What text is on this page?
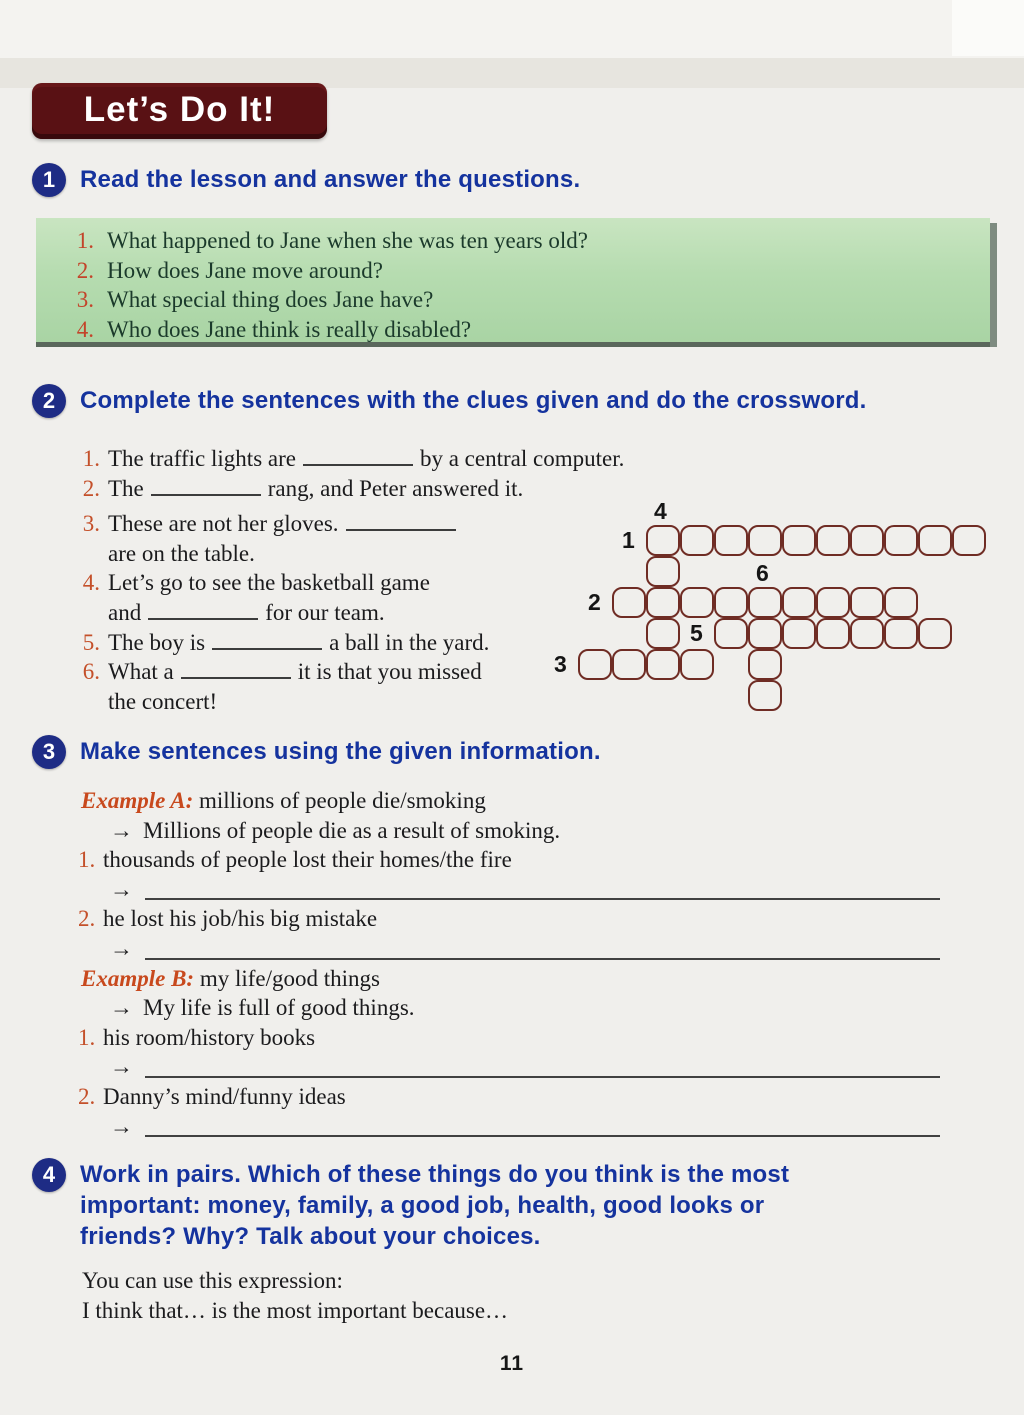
Let’s Do It!
1	Read the lesson and answer the questions.
1. What happened to Jane when she was ten years old?
2. How does Jane move around?
3. What special thing does Jane have?
4. Who does Jane think is really disabled?
2	Complete the sentences with the clues given and do the crossword.
1. The traffic lights are	by a central computer.
2. The	rang, and Peter answered it.
3. These are not her gloves.
are on the table.
4. Let’s go to see the basketball game
and	for our team.
5. The boy is	a ball in the yard.
6. What a	it is that you missed
the concert!
1
2
3
4
5
6
3	Make sentences using the given information.
Example A: millions of people die/smoking
→ Millions of people die as a result of smoking.
1. thousands of people lost their homes/the fire
→
2. he lost his job/his big mistake
→
Example B: my life/good things
→ My life is full of good things.
1. his room/history books
→
2. Danny’s mind/funny ideas
→
4	Work in pairs. Which of these things do you think is the most
important: money, family, a good job, health, good looks or
friends? Why? Talk about your choices.
You can use this expression:
I think that… is the most important because…
11
